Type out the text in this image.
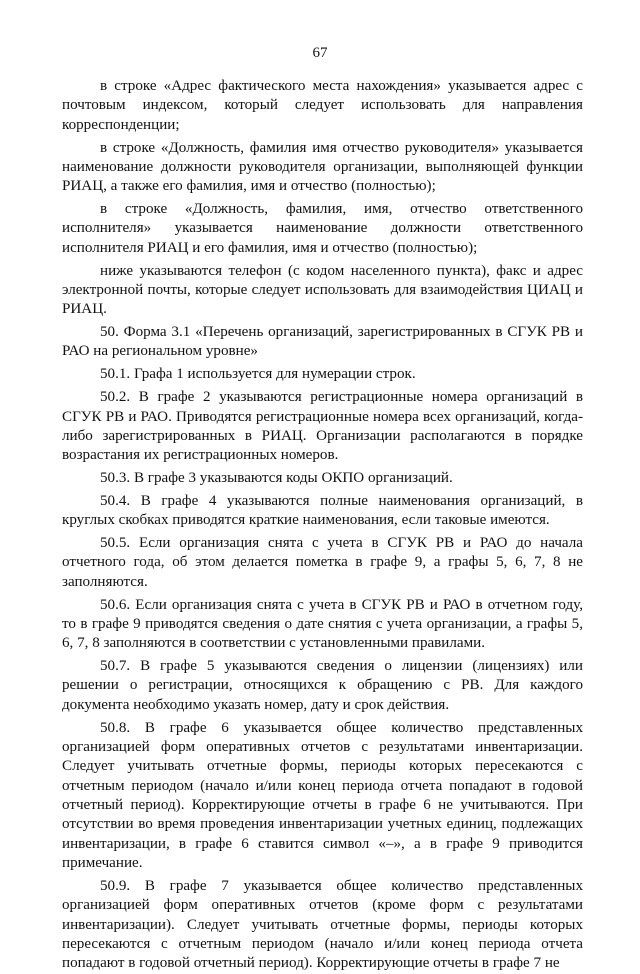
67

в строке «Адрес фактического места нахождения» указывается адрес с почтовым индексом, который следует использовать для направления корреспонденции;

в строке «Должность, фамилия имя отчество руководителя» указывается наименование должности руководителя организации, выполняющей функции РИАЦ, а также его фамилия, имя и отчество (полностью);

в строке «Должность, фамилия, имя, отчество ответственного исполнителя» указывается наименование должности ответственного исполнителя РИАЦ и его фамилия, имя и отчество (полностью);

ниже указываются телефон (с кодом населенного пункта), факс и адрес электронной почты, которые следует использовать для взаимодействия ЦИАЦ и РИАЦ.

50. Форма 3.1 «Перечень организаций, зарегистрированных в СГУК РВ и РАО на региональном уровне»

50.1. Графа 1 используется для нумерации строк.

50.2. В графе 2 указываются регистрационные номера организаций в СГУК РВ и РАО. Приводятся регистрационные номера всех организаций, когда-либо зарегистрированных в РИАЦ. Организации располагаются в порядке возрастания их регистрационных номеров.

50.3. В графе 3 указываются коды ОКПО организаций.

50.4. В графе 4 указываются полные наименования организаций, в круглых скобках приводятся краткие наименования, если таковые имеются.

50.5. Если организация снята с учета в СГУК РВ и РАО до начала отчетного года, об этом делается пометка в графе 9, а графы 5, 6, 7, 8 не заполняются.

50.6. Если организация снята с учета в СГУК РВ и РАО в отчетном году, то в графе 9 приводятся сведения о дате снятия с учета организации, а графы 5, 6, 7, 8 заполняются в соответствии с установленными правилами.

50.7. В графе 5 указываются сведения о лицензии (лицензиях) или решении о регистрации, относящихся к обращению с РВ. Для каждого документа необходимо указать номер, дату и срок действия.

50.8. В графе 6 указывается общее количество представленных организацией форм оперативных отчетов с результатами инвентаризации. Следует учитывать отчетные формы, периоды которых пересекаются с отчетным периодом (начало и/или конец периода отчета попадают в годовой отчетный период). Корректирующие отчеты в графе 6 не учитываются. При отсутствии во время проведения инвентаризации учетных единиц, подлежащих инвентаризации, в графе 6 ставится символ «–», а в графе 9 приводится примечание.

50.9. В графе 7 указывается общее количество представленных организацией форм оперативных отчетов (кроме форм с результатами инвентаризации). Следует учитывать отчетные формы, периоды которых пересекаются с отчетным периодом (начало и/или конец периода отчета попадают в годовой отчетный период). Корректирующие отчеты в графе 7 не
